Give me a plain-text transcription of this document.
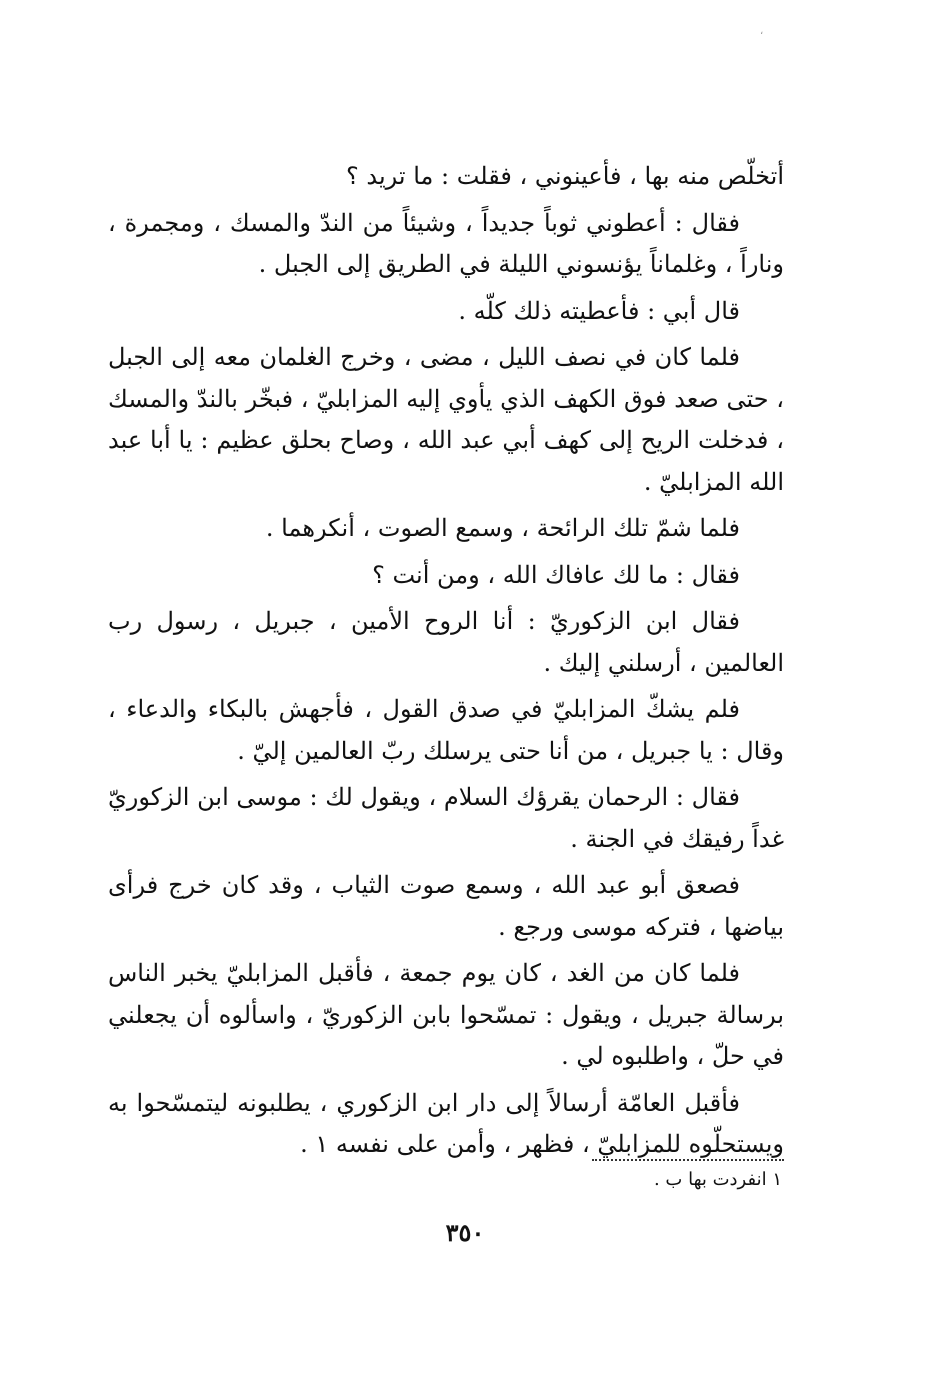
،

أتخلّص منه بها ، فأعينوني ، فقلت : ما تريد ؟

فقال : أعطوني ثوباً جديداً ، وشيئاً من الندّ والمسك ، ومجمرة ، وناراً ، وغلماناً يؤنسوني الليلة في الطريق إلى الجبل .

قال أبي : فأعطيته ذلك كلّه .

فلما كان في نصف الليل ، مضى ، وخرج الغلمان معه إلى الجبل ، حتى صعد فوق الكهف الذي يأوي إليه المزابليّ ، فبخّر بالندّ والمسك ، فدخلت الريح إلى كهف أبي عبد الله ، وصاح بحلق عظيم : يا أبا عبد الله المزابليّ .

فلما شمّ تلك الرائحة ، وسمع الصوت ، أنكرهما .

فقال : ما لك عافاك الله ، ومن أنت ؟

فقال ابن الزكوريّ : أنا الروح الأمين ، جبريل ، رسول رب العالمين ، أرسلني إليك .

فلم يشكّ المزابليّ في صدق القول ، فأجهش بالبكاء والدعاء ، وقال : يا جبريل ، من أنا حتى يرسلك ربّ العالمين إليّ .

فقال : الرحمان يقرؤك السلام ، ويقول لك : موسى ابن الزكوريّ غداً رفيقك في الجنة .

فصعق أبو عبد الله ، وسمع صوت الثياب ، وقد كان خرج فرأى بياضها ، فتركه موسى ورجع .

فلما كان من الغد ، كان يوم جمعة ، فأقبل المزابليّ يخبر الناس برسالة جبريل ، ويقول : تمسّحوا بابن الزكوريّ ، واسألوه أن يجعلني في حلّ ، واطلبوه لي .

فأقبل العامّة أرسالاً إلى دار ابن الزكوري ، يطلبونه ليتمسّحوا به ويستحلّوه للمزابليّ ، فظهر ، وأمن على نفسه ١ .

١ انفردت بها ب .
٣٥٠
